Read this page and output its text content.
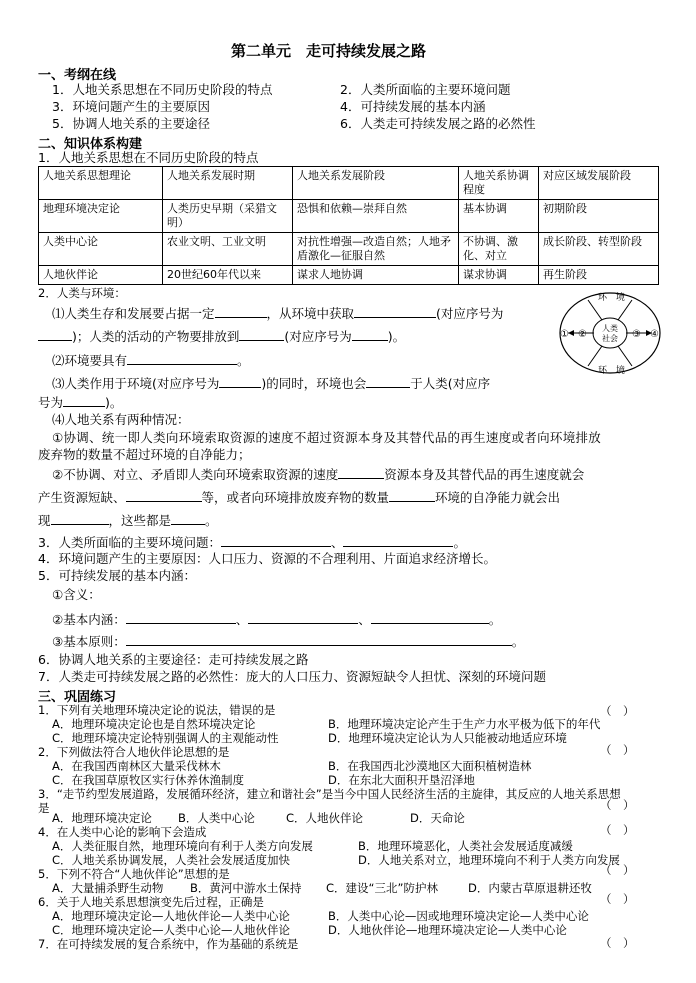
第二单元　走可持续发展之路
一、考纲在线
1．人地关系思想在不同历史阶段的特点	2．人类所面临的主要环境问题
3．环境问题产生的主要原因	4．可持续发展的基本内涵
5．协调人地关系的主要途径	6．人类走可持续发展之路的必然性
二、知识体系构建
1．人地关系思想在不同历史阶段的特点
人地关系思想理论	人地关系发展时期	人地关系发展阶段	人地关系协调程度	对应区域发展阶段
地理环境决定论	人类历史早期（采猎文明）	恐惧和依赖—崇拜自然	基本协调	初期阶段
人类中心论	农业文明、工业文明	对抗性增强—改造自然；人地矛盾激化—征服自然	不协调、激化、对立	成长阶段、转型阶段
人地伙伴论	20世纪60年代以来	谋求人地协调	谋求协调	再生阶段
2．人类与环境：
⑴人类生存和发展要占据一定	，从环境中获取	(对应序号为
)；人类的活动的产物要排放到	(对应序号为	)。
⑵环境要具有	。
⑶人类作用于环境(对应序号为	)的同时，环境也会	于人类(对应序
号为	)。
环　境
环　境
人类
社会
① ②	③ ④
⑷人地关系有两种情况：
①协调、统一即人类向环境索取资源的速度不超过资源本身及其替代品的再生速度或者向环境排放
废弃物的数量不超过环境的自净能力；
②不协调、对立、矛盾即人类向环境索取资源的速度	资源本身及其替代品的再生速度就会
产生资源短缺、	等，或者向环境排放废弃物的数量	环境的自净能力就会出
现	，这些都是	。
3．人类所面临的主要环境问题：	、	。
4．环境问题产生的主要原因：人口压力、资源的不合理利用、片面追求经济增长。
5．可持续发展的基本内涵：
①含义：
②基本内涵：	、	、	。
③基本原则：	。
6．协调人地关系的主要途径：走可持续发展之路
7．人类走可持续发展之路的必然性：庞大的人口压力、资源短缺令人担忧、深刻的环境问题
三、巩固练习
1．下列有关地理环境决定论的说法，错误的是	（　）
A．地理环境决定论也是自然环境决定论	B．地理环境决定论产生于生产力水平极为低下的年代
C．地理环境决定论特别强调人的主观能动性	D．地理环境决定论认为人只能被动地适应环境
2．下列做法符合人地伙伴论思想的是	（　）
A．在我国西南林区大量采伐林木	B．在我国西北沙漠地区大面积植树造林
C．在我国草原牧区实行休养休渔制度	D．在东北大面积开垦沼泽地
3．“走节约型发展道路，发展循环经济，建立和谐社会”是当今中国人民经济生活的主旋律，其反应的人地关系思想
是	（　）
A．地理环境决定论 B．人类中心论	C．人地伙伴论	D．天命论
4．在人类中心论的影响下会造成	（　）
A．人类征服自然，地理环境向有利于人类方向发展	B．地理环境恶化，人类社会发展适度减缓
C．人地关系协调发展，人类社会发展适度加快	D．人地关系对立，地理环境向不利于人类方向发展
5．下列不符合“人地伙伴论”思想的是	（　）
A．大量捕杀野生动物 B．黄河中游水土保持 C．建设“三北”防护林	D．内蒙古草原退耕还牧
6．关于人地关系思想演变先后过程，正确是	（　）
A．地理环境决定论—人地伙伴论—人类中心论	B．人类中心论—因或地理环境决定论—人类中心论
C．地理环境决定论—人类中心论—人地伙伴论	D．人地伙伴论—地理环境决定论—人类中心论
7．在可持续发展的复合系统中，作为基础的系统是	（　）
